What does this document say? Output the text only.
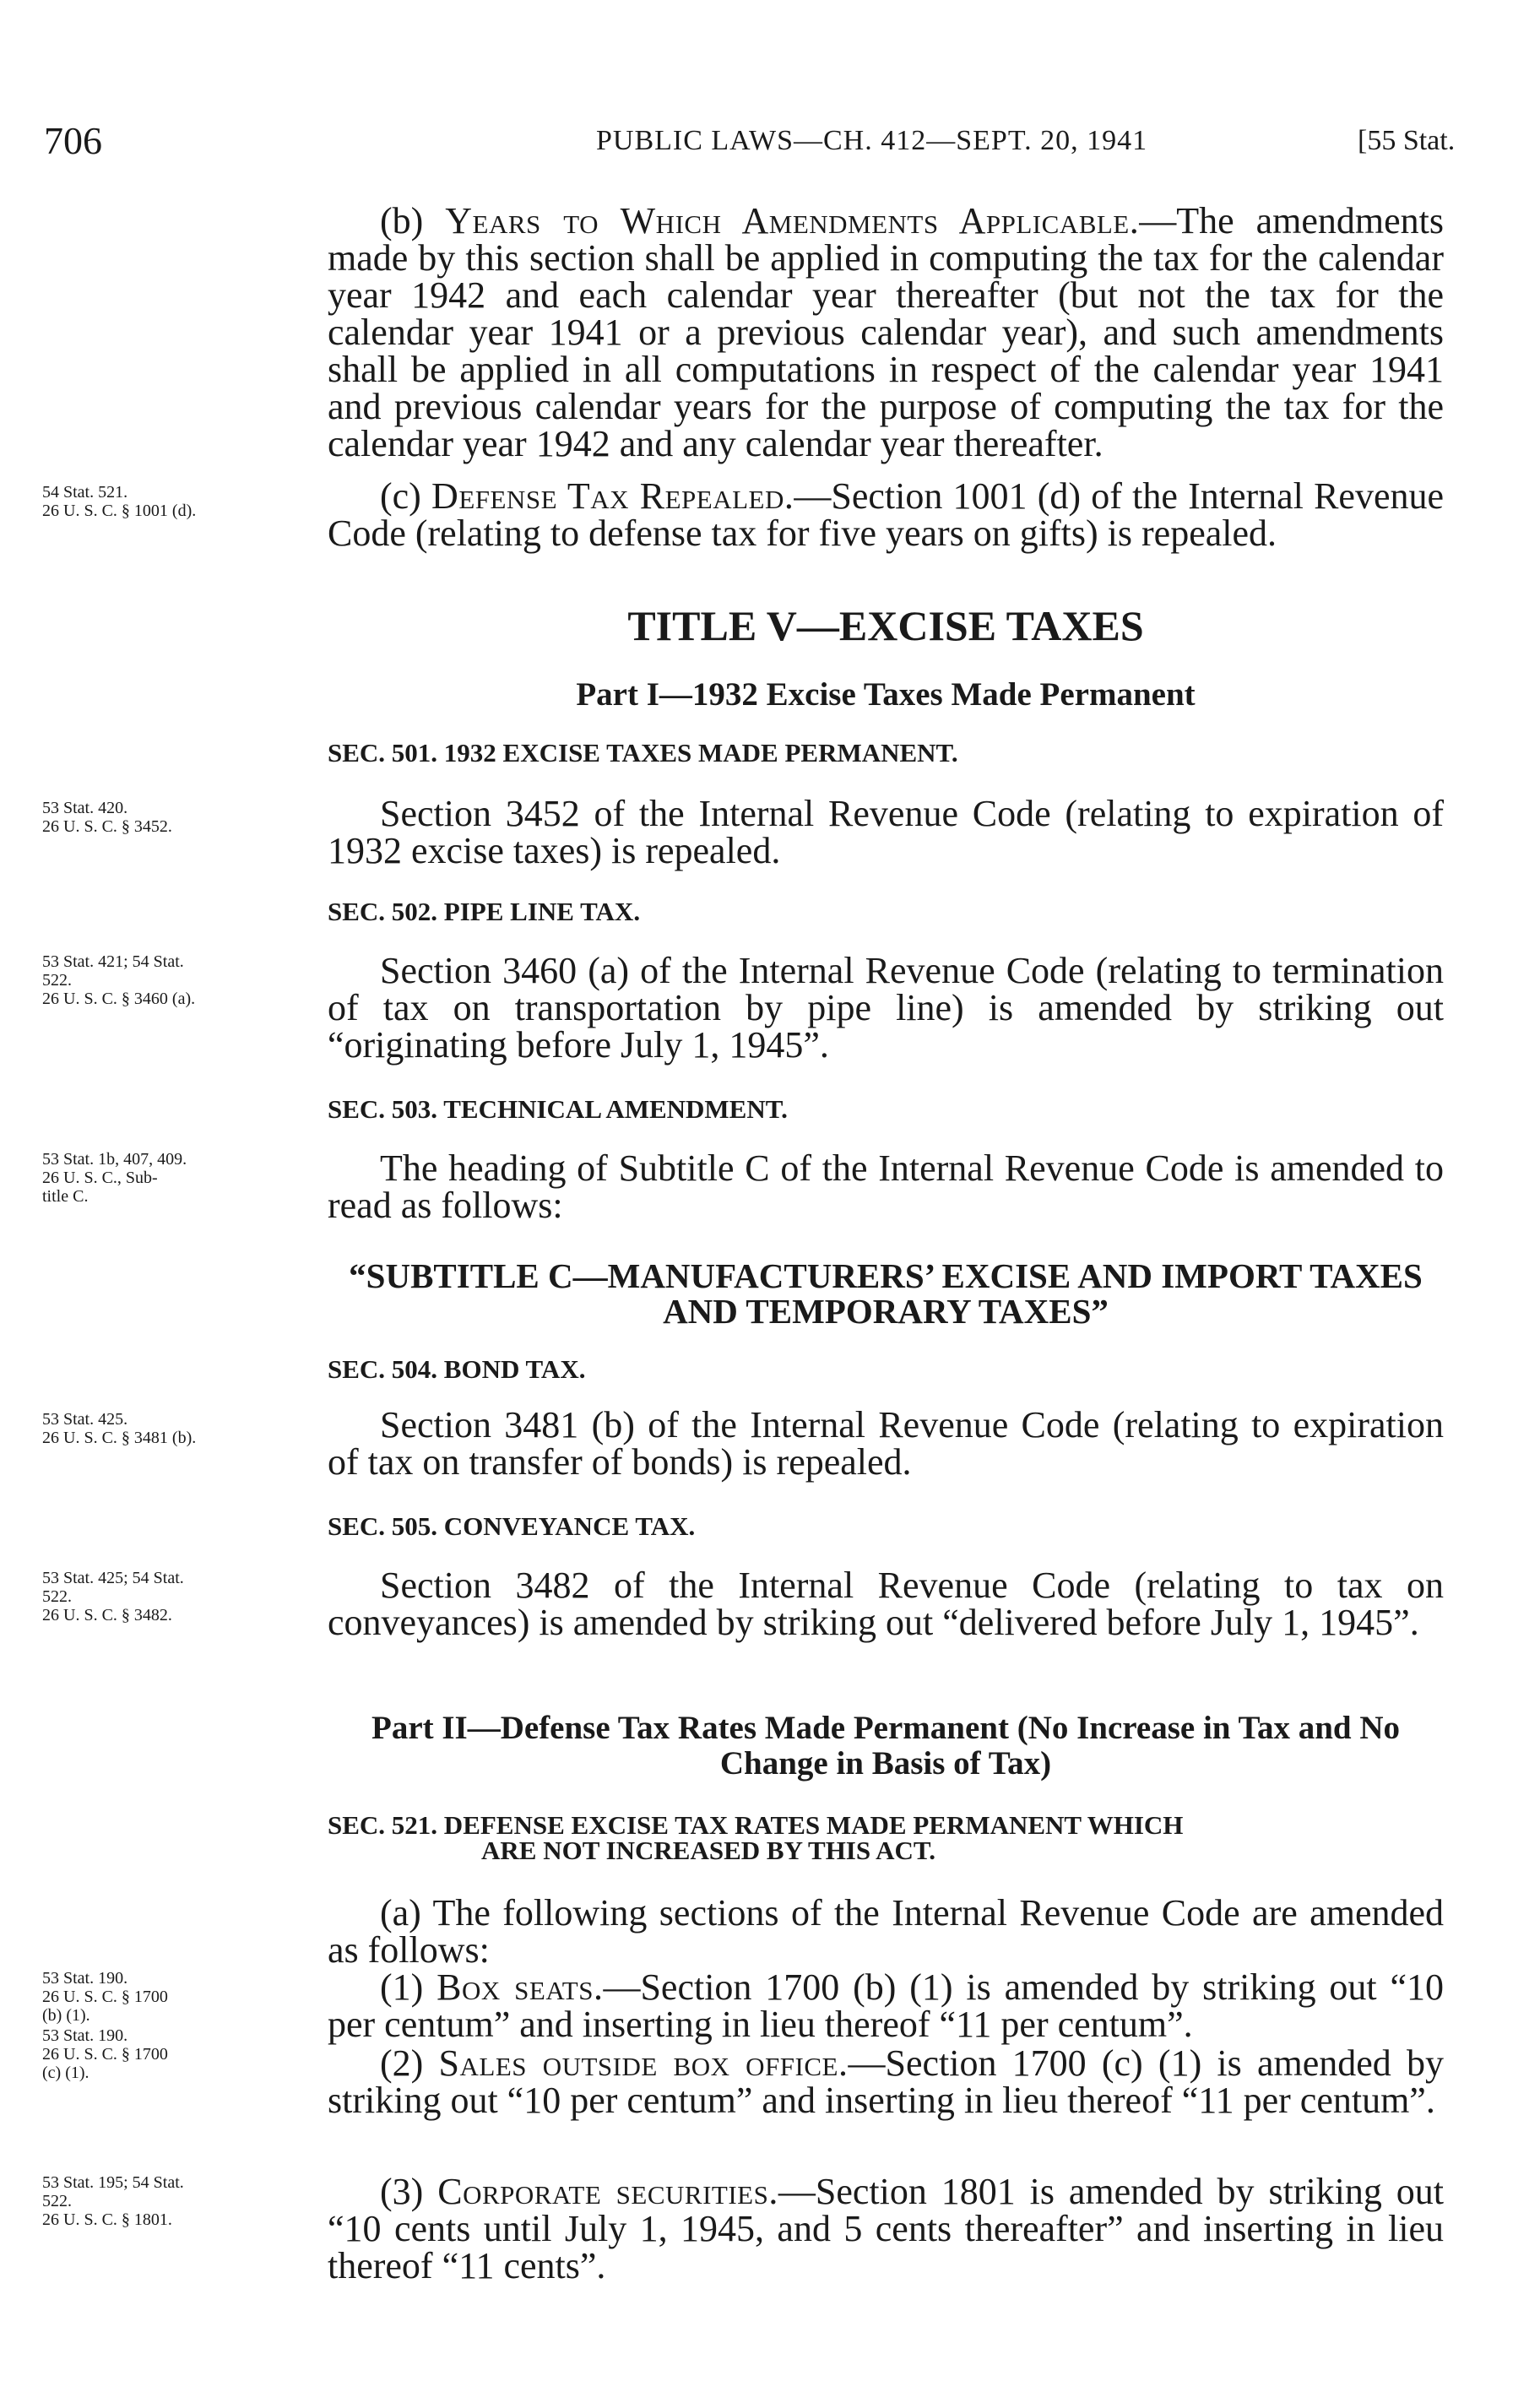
706	PUBLIC LAWS—CH. 412—SEPT. 20, 1941	[55 Stat.

(b) Years to Which Amendments Applicable.—The amendments made by this section shall be applied in computing the tax for the calendar year 1942 and each calendar year thereafter (but not the tax for the calendar year 1941 or a previous calendar year), and such amendments shall be applied in all computations in respect of the calendar year 1941 and previous calendar years for the purpose of computing the tax for the calendar year 1942 and any calendar year thereafter.

(c) Defense Tax Repealed.—Section 1001 (d) of the Internal Revenue Code (relating to defense tax for five years on gifts) is repealed.

54 Stat. 521.
26 U. S. C. § 1001 (d).
TITLE V—EXCISE TAXES
Part I—1932 Excise Taxes Made Permanent
SEC. 501. 1932 EXCISE TAXES MADE PERMANENT.

Section 3452 of the Internal Revenue Code (relating to expiration of 1932 excise taxes) is repealed.

53 Stat. 420.
26 U. S. C. § 3452.
SEC. 502. PIPE LINE TAX.

Section 3460 (a) of the Internal Revenue Code (relating to termination of tax on transportation by pipe line) is amended by striking out “originating before July 1, 1945”.

53 Stat. 421; 54 Stat.
522.
26 U. S. C. § 3460 (a).
SEC. 503. TECHNICAL AMENDMENT.

The heading of Subtitle C of the Internal Revenue Code is amended to read as follows:

53 Stat. 1b, 407, 409.
26 U. S. C., Sub-
title C.
“SUBTITLE C—MANUFACTURERS’ EXCISE AND IMPORT TAXES AND TEMPORARY TAXES”
SEC. 504. BOND TAX.

Section 3481 (b) of the Internal Revenue Code (relating to expiration of tax on transfer of bonds) is repealed.

53 Stat. 425.
26 U. S. C. § 3481 (b).
SEC. 505. CONVEYANCE TAX.

Section 3482 of the Internal Revenue Code (relating to tax on conveyances) is amended by striking out “delivered before July 1, 1945”.

53 Stat. 425; 54 Stat.
522.
26 U. S. C. § 3482.
Part II—Defense Tax Rates Made Permanent (No Increase in Tax and No Change in Basis of Tax)
SEC. 521. DEFENSE EXCISE TAX RATES MADE PERMANENT WHICH
ARE NOT INCREASED BY THIS ACT.

(a) The following sections of the Internal Revenue Code are amended as follows:

(1) Box seats.—Section 1700 (b) (1) is amended by striking out “10 per centum” and inserting in lieu thereof “11 per centum”.

53 Stat. 190.
26 U. S. C. § 1700
(b) (1).

(2) Sales outside box office.—Section 1700 (c) (1) is amended by striking out “10 per centum” and inserting in lieu thereof “11 per centum”.

53 Stat. 190.
26 U. S. C. § 1700
(c) (1).

(3) Corporate securities.—Section 1801 is amended by striking out “10 cents until July 1, 1945, and 5 cents thereafter” and inserting in lieu thereof “11 cents”.

53 Stat. 195; 54 Stat.
522.
26 U. S. C. § 1801.
